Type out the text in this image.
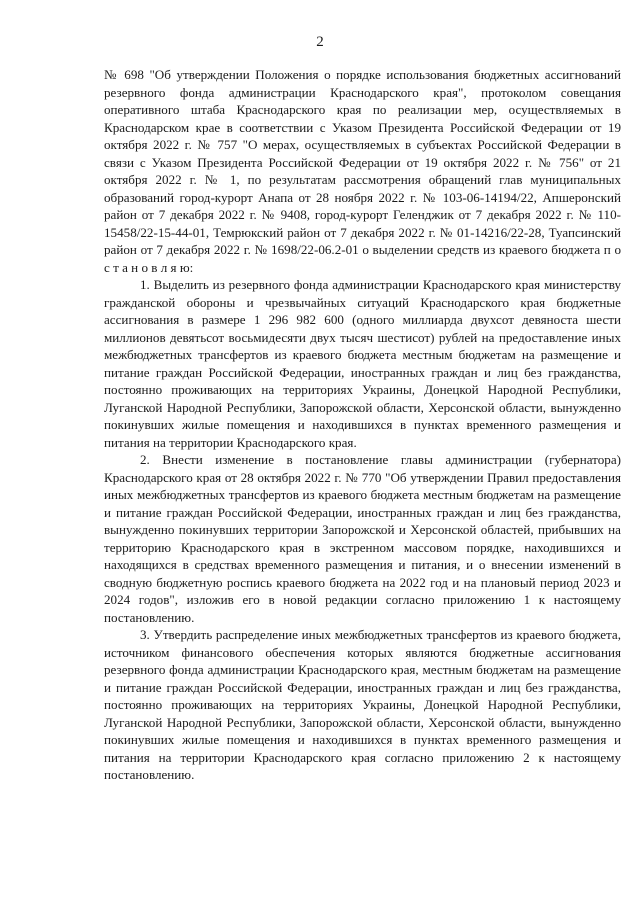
2

№ 698 "Об утверждении Положения о порядке использования бюджетных ассигнований резервного фонда администрации Краснодарского края", протоколом совещания оперативного штаба Краснодарского края по реализации мер, осуществляемых в Краснодарском крае в соответствии с Указом Президента Российской Федерации от 19 октября 2022 г. № 757 "О мерах, осуществляемых в субъектах Российской Федерации в связи с Указом Президента Российской Федерации от 19 октября 2022 г. № 756" от 21 октября 2022 г. № 1, по результатам рассмотрения обращений глав муниципальных образований город-курорт Анапа от 28 ноября 2022 г. № 103-06-14194/22, Апшеронский район от 7 декабря 2022 г. № 9408, город-курорт Геленджик от 7 декабря 2022 г. № 110-15458/22-15-44-01, Темрюкский район от 7 декабря 2022 г. № 01-14216/22-28, Туапсинский район от 7 декабря 2022 г. № 1698/22-06.2-01 о выделении средств из краевого бюджета п о с т а н о в л я ю:

1. Выделить из резервного фонда администрации Краснодарского края министерству гражданской обороны и чрезвычайных ситуаций Краснодарского края бюджетные ассигнования в размере 1 296 982 600 (одного миллиарда двухсот девяноста шести миллионов девятьсот восьмидесяти двух тысяч шестисот) рублей на предоставление иных межбюджетных трансфертов из краевого бюджета местным бюджетам на размещение и питание граждан Российской Федерации, иностранных граждан и лиц без гражданства, постоянно проживающих на территориях Украины, Донецкой Народной Республики, Луганской Народной Республики, Запорожской области, Херсонской области, вынужденно покинувших жилые помещения и находившихся в пунктах временного размещения и питания на территории Краснодарского края.

2. Внести изменение в постановление главы администрации (губернатора) Краснодарского края от 28 октября 2022 г. № 770 "Об утверждении Правил предоставления иных межбюджетных трансфертов из краевого бюджета местным бюджетам на размещение и питание граждан Российской Федерации, иностранных граждан и лиц без гражданства, вынужденно покинувших территории Запорожской и Херсонской областей, прибывших на территорию Краснодарского края в экстренном массовом порядке, находившихся и находящихся в средствах временного размещения и питания, и о внесении изменений в сводную бюджетную роспись краевого бюджета на 2022 год и на плановый период 2023 и 2024 годов", изложив его в новой редакции согласно приложению 1 к настоящему постановлению.

3. Утвердить распределение иных межбюджетных трансфертов из краевого бюджета, источником финансового обеспечения которых являются бюджетные ассигнования резервного фонда администрации Краснодарского края, местным бюджетам на размещение и питание граждан Российской Федерации, иностранных граждан и лиц без гражданства, постоянно проживающих на территориях Украины, Донецкой Народной Республики, Луганской Народной Республики, Запорожской области, Херсонской области, вынужденно покинувших жилые помещения и находившихся в пунктах временного размещения и питания на территории Краснодарского края согласно приложению 2 к настоящему постановлению.
